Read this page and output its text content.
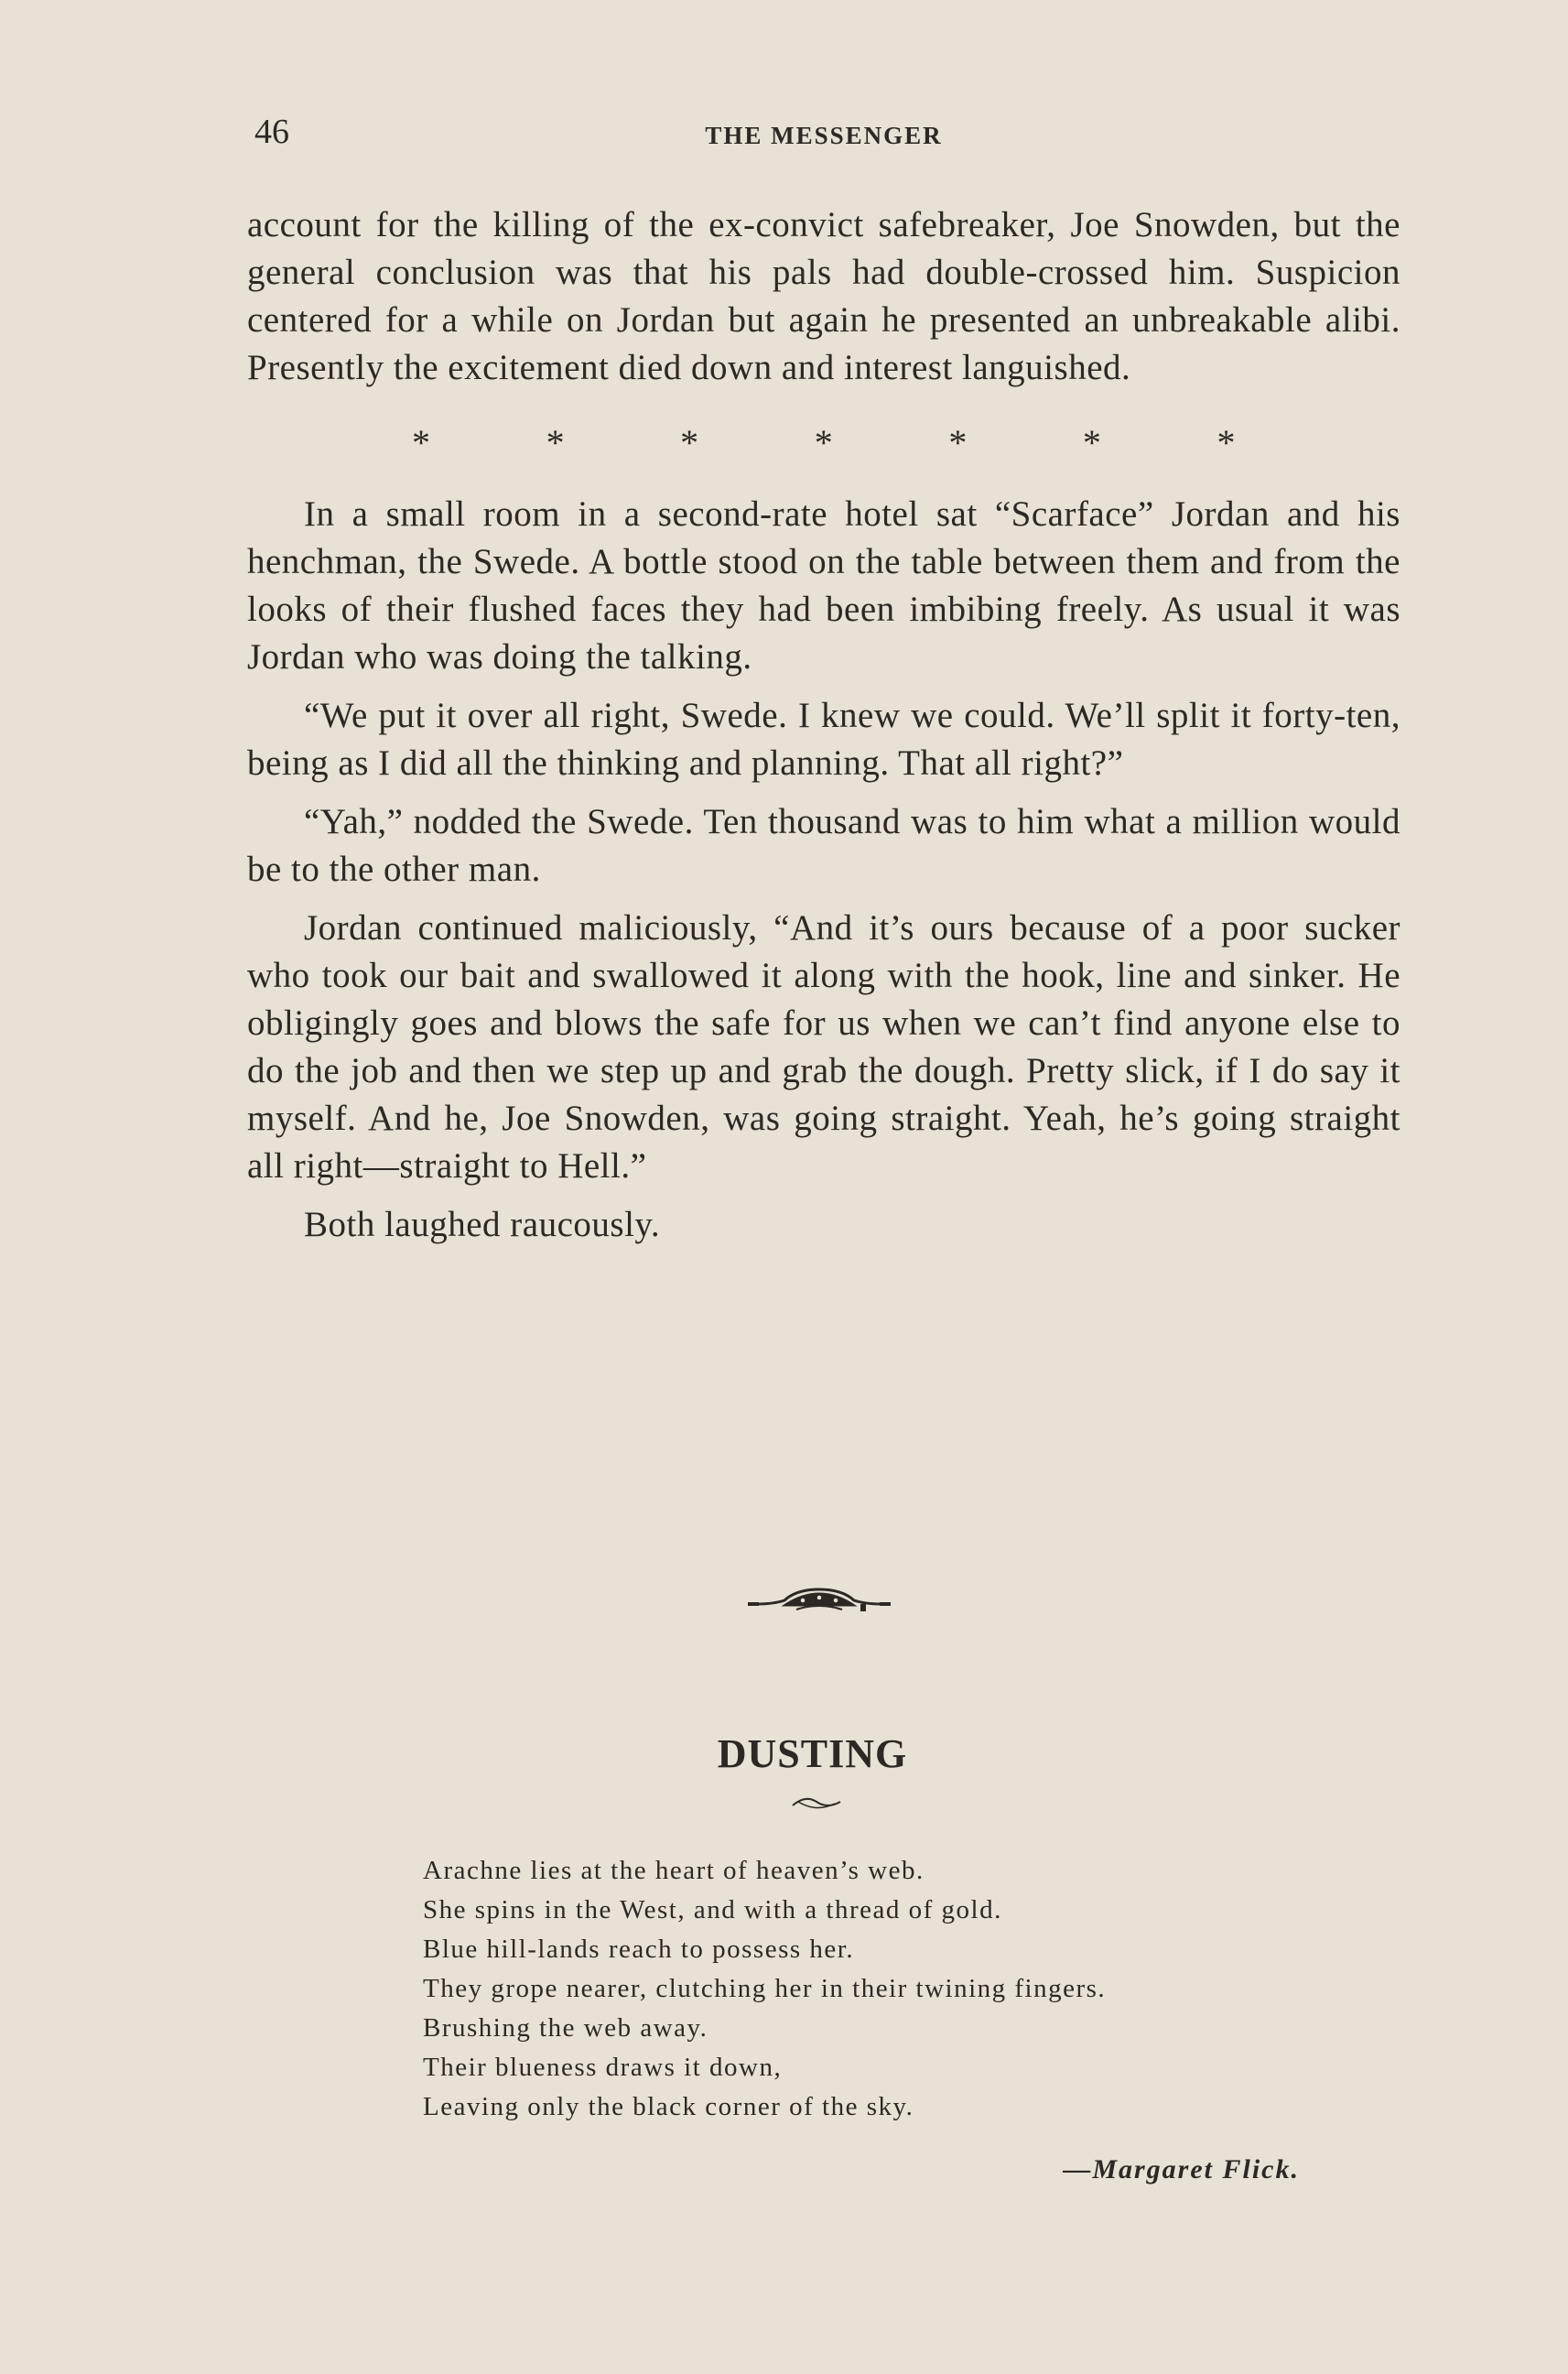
46	THE MESSENGER

account for the killing of the ex-convict safebreaker, Joe Snowden, but the general conclusion was that his pals had double-crossed him. Suspicion centered for a while on Jordan but again he presented an unbreakable alibi. Presently the excitement died down and interest languished.

*	*	*	*	*	*	*

In a small room in a second-rate hotel sat “Scarface” Jordan and his henchman, the Swede. A bottle stood on the table between them and from the looks of their flushed faces they had been imbibing freely. As usual it was Jordan who was doing the talking.

“We put it over all right, Swede. I knew we could. We’ll split it forty-ten, being as I did all the thinking and planning. That all right?”

“Yah,” nodded the Swede. Ten thousand was to him what a million would be to the other man.

Jordan continued maliciously, “And it’s ours because of a poor sucker who took our bait and swallowed it along with the hook, line and sinker. He obligingly goes and blows the safe for us when we can’t find anyone else to do the job and then we step up and grab the dough. Pretty slick, if I do say it myself. And he, Joe Snowden, was going straight. Yeah, he’s going straight all right—straight to Hell.”

Both laughed raucously.

DUSTING
Arachne lies at the heart of heaven’s web.
She spins in the West, and with a thread of gold.
Blue hill-lands reach to possess her.
They grope nearer, clutching her in their twining fingers.
Brushing the web away.
Their blueness draws it down,
Leaving only the black corner of the sky.
—Margaret Flick.
